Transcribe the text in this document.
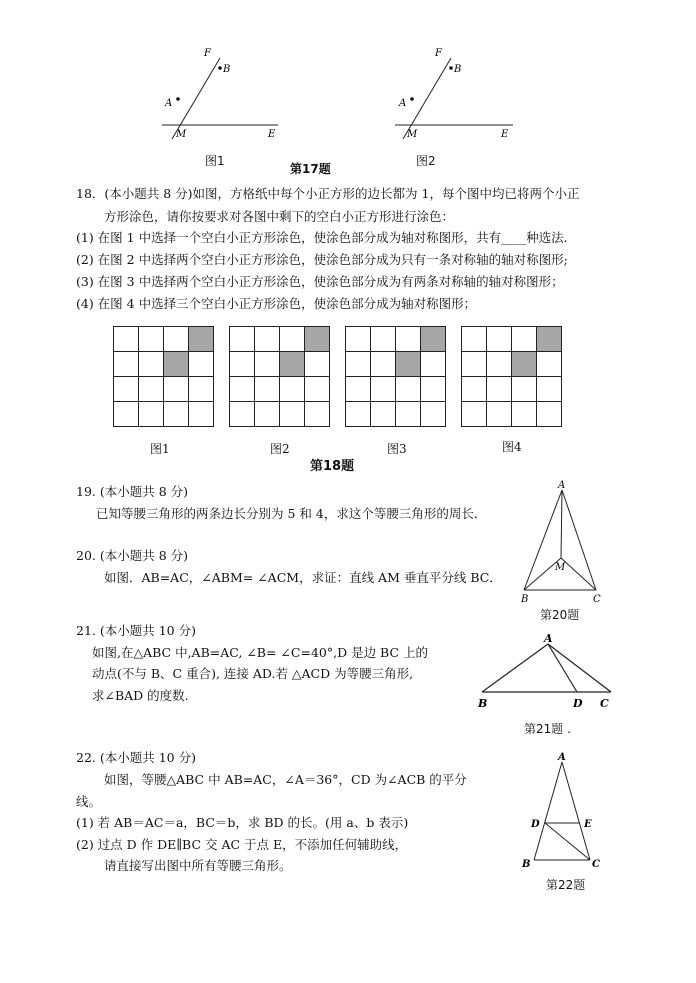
F
B
A
M	E
图1
第17题
F
B
A
M	E
图2
18．(本小题共 8 分)如图，方格纸中每个小正方形的边长都为 1，每个图中均已将两个小正
方形涂色，请你按要求对各图中剩下的空白小正方形进行涂色：
(1) 在图 1 中选择一个空白小正方形涂色，使涂色部分成为轴对称图形，共有____种选法.
(2) 在图 2 中选择两个空白小正方形涂色，使涂色部分成为只有一条对称轴的轴对称图形;
(3) 在图 3 中选择两个空白小正方形涂色，使涂色部分成为有两条对称轴的轴对称图形；
(4) 在图 4 中选择三个空白小正方形涂色，使涂色部分成为轴对称图形；

图1	图2	图3	图4
第18题
19. (本小题共 8 分)
已知等腰三角形的两条边长分别为 5 和 4，求这个等腰三角形的周长．
A
M
B	C
20. (本小题共 8 分)
如图．AB=AC，∠ABM= ∠ACM，求证：直线 AM 垂直平分线 BC．
第20题
21. (本小题共 10 分)
如图,在△ABC 中,AB=AC, ∠B= ∠C=40°,D 是边 BC 上的
动点(不与 B、C 重合), 连接 AD.若 △ACD 为等腰三角形,
求∠BAD 的度数.
A
B	D C
第21题 .
22. (本小题共 10 分)
如图，等腰△ABC 中 AB=AC，∠A＝36°，CD 为∠ACB 的平分
线。
(1) 若 AB＝AC＝a，BC＝b，求 BD 的长。(用 a、b 表示)
(2) 过点 D 作 DE∥BC 交 AC 于点 E，不添加任何辅助线，
请直接写出图中所有等腰三角形。
A
D	E
B	C
第22题
